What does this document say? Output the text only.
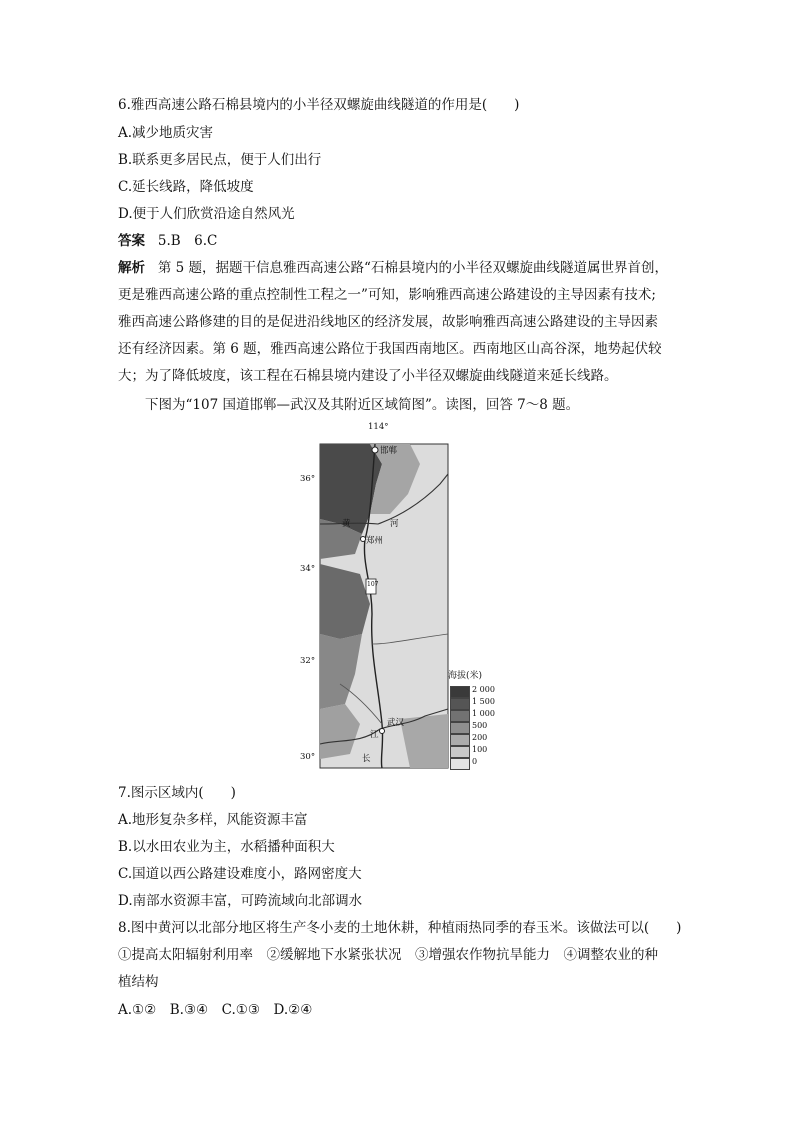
6.雅西高速公路石棉县境内的小半径双螺旋曲线隧道的作用是(　　)
A.减少地质灾害
B.联系更多居民点，便于人们出行
C.延长线路，降低坡度
D.便于人们欣赏沿途自然风光
答案 5.B　6.C
解析 第 5 题，据题干信息雅西高速公路“石棉县境内的小半径双螺旋曲线隧道属世界首创，
更是雅西高速公路的重点控制性工程之一”可知，影响雅西高速公路建设的主导因素有技术;
雅西高速公路修建的目的是促进沿线地区的经济发展，故影响雅西高速公路建设的主导因素
还有经济因素。第 6 题，雅西高速公路位于我国西南地区。西南地区山高谷深，地势起伏较
大；为了降低坡度，该工程在石棉县境内建设了小半径双螺旋曲线隧道来延长线路。
下图为“107 国道邯郸—武汉及其附近区域简图”。读图，回答 7～8 题。
114°
36°
34°
32°
30°
邯郸
郑州
武汉
黄	河
江
长
107
海拔(米)
2 000
1 500
1 000
500
200
100
0
7.图示区域内(　　)
A.地形复杂多样，风能资源丰富
B.以水田农业为主，水稻播种面积大
C.国道以西公路建设难度小，路网密度大
D.南部水资源丰富，可跨流域向北部调水
8.图中黄河以北部分地区将生产冬小麦的土地休耕，种植雨热同季的春玉米。该做法可以(　　)
①提高太阳辐射利用率　②缓解地下水紧张状况　③增强农作物抗旱能力　④调整农业的种
植结构
A.①②　B.③④　C.①③　D.②④
